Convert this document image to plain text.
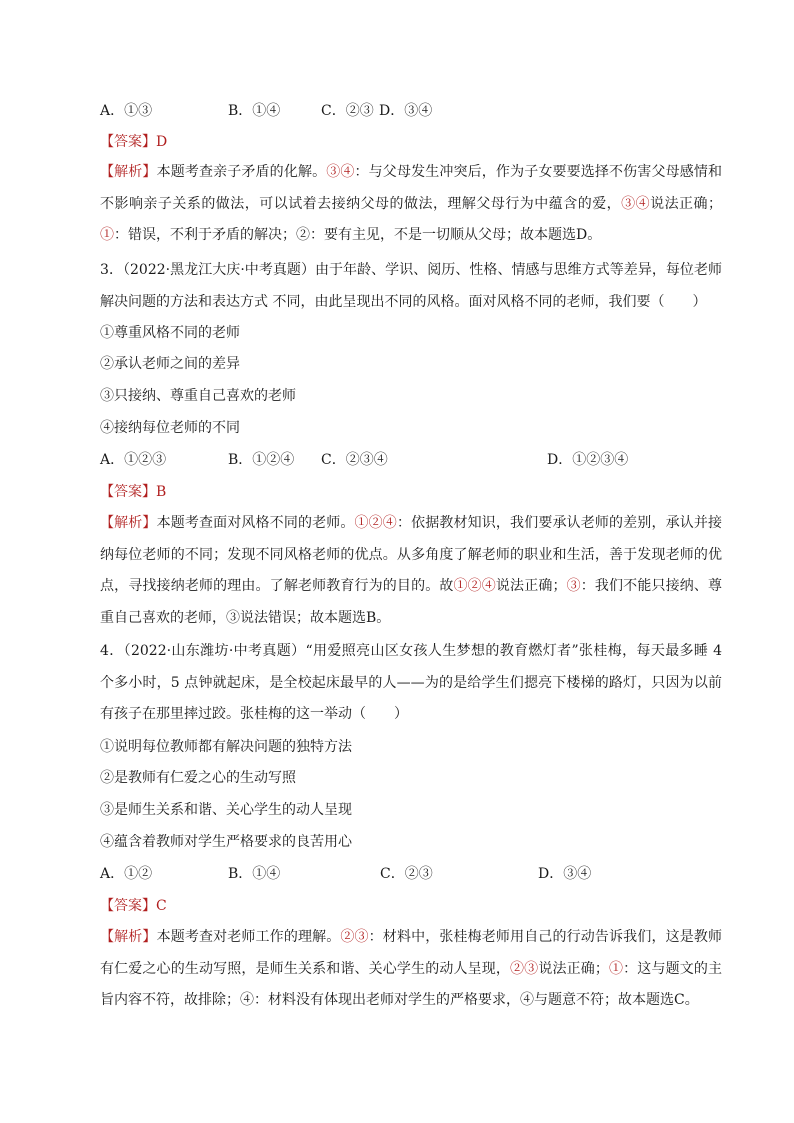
A．①③	B．①④	C．②③ D．③④
【答案】D
【解析】本题考查亲子矛盾的化解。③④：与父母发生冲突后，作为子女要要选择不伤害父母感情和不影响亲子关系的做法，可以试着去接纳父母的做法，理解父母行为中蕴含的爱，③④说法正确；①：错误，不利于矛盾的解决；②：要有主见，不是一切顺从父母；故本题选D。
3．（2022·黑龙江大庆·中考真题）由于年龄、学识、阅历、性格、情感与思维方式等差异，每位老师解决问题的方法和表达方式 不同，由此呈现出不同的风格。面对风格不同的老师，我们要（　　）
①尊重风格不同的老师
②承认老师之间的差异
③只接纳、尊重自己喜欢的老师
④接纳每位老师的不同
A．①②③	B．①②④ C．②③④	D．①②③④
【答案】B
【解析】本题考查面对风格不同的老师。①②④：依据教材知识，我们要承认老师的差别，承认并接纳每位老师的不同；发现不同风格老师的优点。从多角度了解老师的职业和生活，善于发现老师的优点，寻找接纳老师的理由。了解老师教育行为的目的。故①②④说法正确；③：我们不能只接纳、尊重自己喜欢的老师，③说法错误；故本题选B。
4．（2022·山东潍坊·中考真题）“用爱照亮山区女孩人生梦想的教育燃灯者”张桂梅，每天最多睡 4 个多小时，5 点钟就起床，是全校起床最早的人——为的是给学生们摁亮下楼梯的路灯，只因为以前有孩子在那里摔过跤。张桂梅的这一举动（　　）
①说明每位教师都有解决问题的独特方法
②是教师有仁爱之心的生动写照
③是师生关系和谐、关心学生的动人呈现
④蕴含着教师对学生严格要求的良苦用心
A．①②	B．①④	C．②③	D．③④
【答案】C
【解析】本题考查对老师工作的理解。②③：材料中，张桂梅老师用自己的行动告诉我们，这是教师有仁爱之心的生动写照，是师生关系和谐、关心学生的动人呈现，②③说法正确；①：这与题文的主旨内容不符，故排除；④：材料没有体现出老师对学生的严格要求，④与题意不符；故本题选C。
